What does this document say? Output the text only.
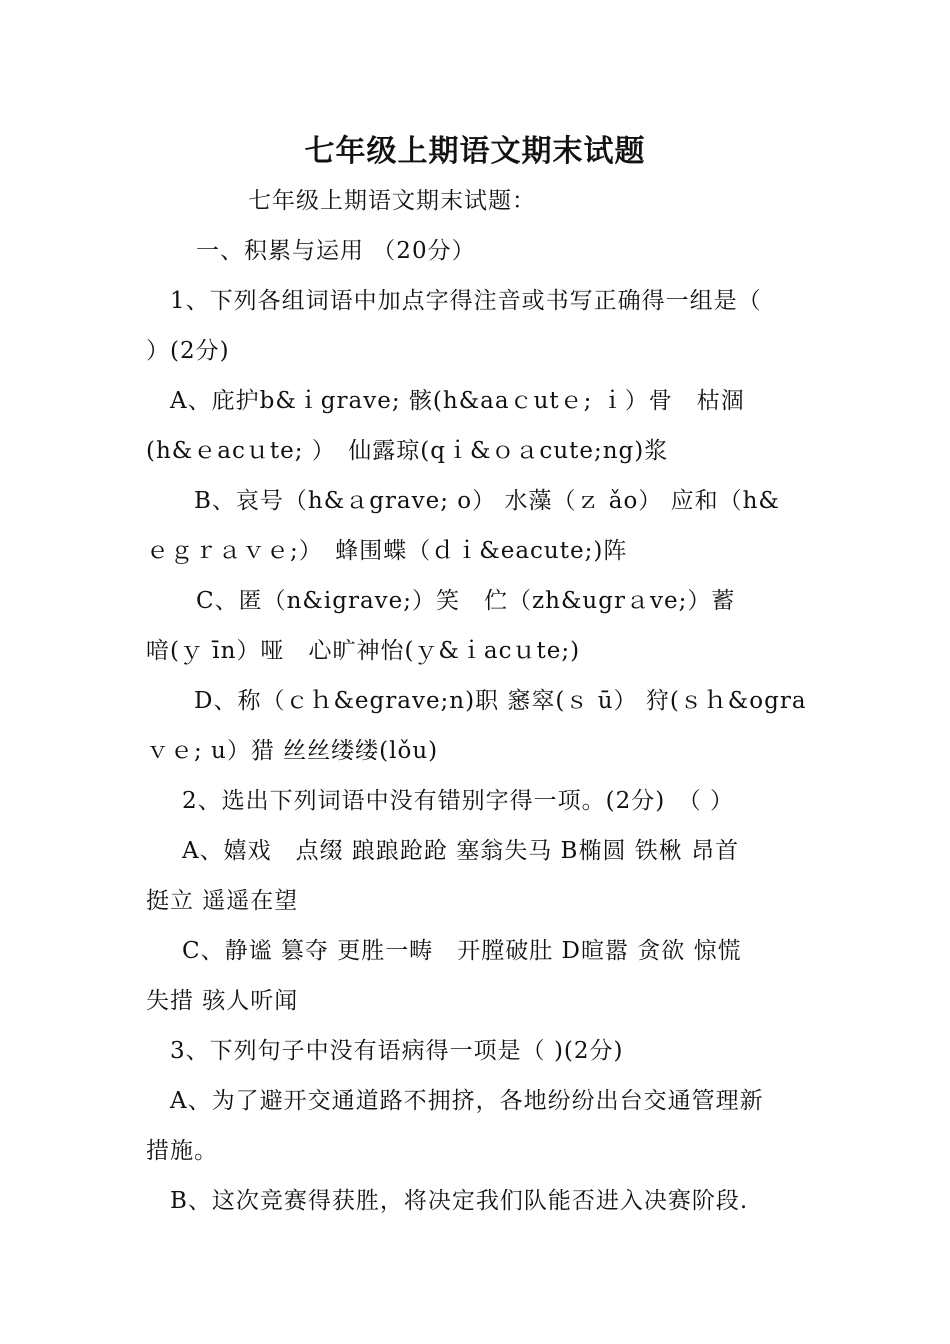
七年级上期语文期末试题
七年级上期语文期末试题：
一、积累与运用 （20分）
1、下列各组词语中加点字得注音或书写正确得一组是（
）(2分)
A、庇护b&ｉgrave; 骸(h&aaｃutｅ; ｉ）骨　枯涸
(h&ｅacｕte; ）　仙露琼(qｉ&ｏａcute;ng)浆
B、哀号（h&ａgrave; o） 水藻（ｚ ǎo） 应和（h&
ｅｇｒａｖｅ;）　蜂围蝶（ｄｉ&eacute;)阵
C、匿（n&igrave;）笑　伫（zh&ugrａve;）蓄
喑(ｙ īn）哑　心旷神怡(ｙ&ｉacｕte;)
D、称（ｃｈ&egrave;n)职 窸窣(ｓ ū） 狩(ｓｈ&ogra
ｖｅ; u）猎 丝丝缕缕(lǒu)
2、选出下列词语中没有错别字得一项。(2分)　（ ）
A、嬉戏　点缀 踉踉跄跄 塞翁失马 B椭圆 铁楸 昂首
挺立 遥遥在望
C、静谧 篡夺 更胜一畴　开膛破肚 D暄嚣 贪欲 惊慌
失措 骇人听闻
3、下列句子中没有语病得一项是（ )(2分)
A、为了避开交通道路不拥挤，各地纷纷出台交通管理新
措施。
B、这次竞赛得获胜，将决定我们队能否进入决赛阶段.
